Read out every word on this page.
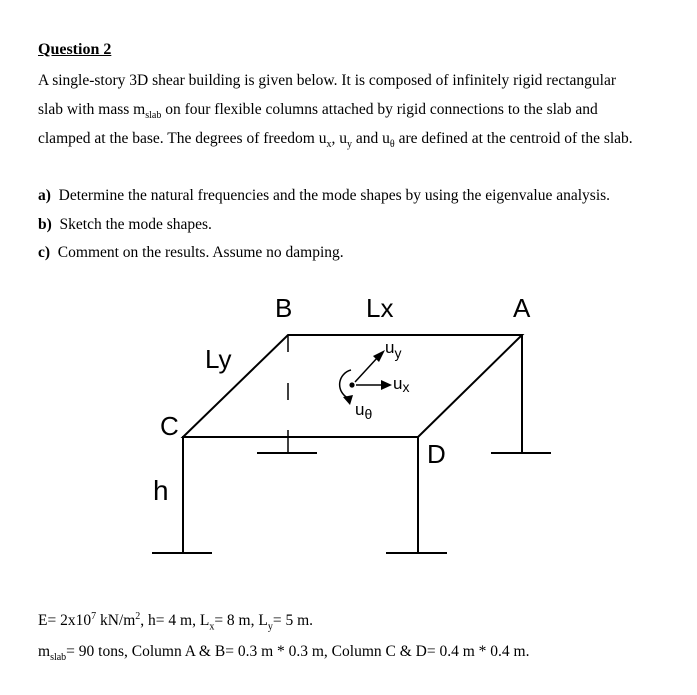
Question 2
A single-story 3D shear building is given below. It is composed of infinitely rigid rectangular
slab with mass $m_{slab}$ on four flexible columns attached by rigid connections to the slab and
clamped at the base. The degrees of freedom $u_x$, $u_y$ and $u_\theta$ are defined at the centroid of the slab.
a) Determine the natural frequencies and the mode shapes by using the eigenvalue analysis.
b) Sketch the mode shapes.
c) Comment on the results. Assume no damping.
B	Lx	A
Ly
C
D
h
$u_y$
ux
$u_\theta$
$E= 2x10^7$ $kN/m^2$, h= 4 m, $L_x= 8$ m, $L_y= 5$ m.
$m_{slab}= 90$ tons, Column A & B= 0.3 m * 0.3 m, Column C & D= 0.4 m * 0.4 m.
